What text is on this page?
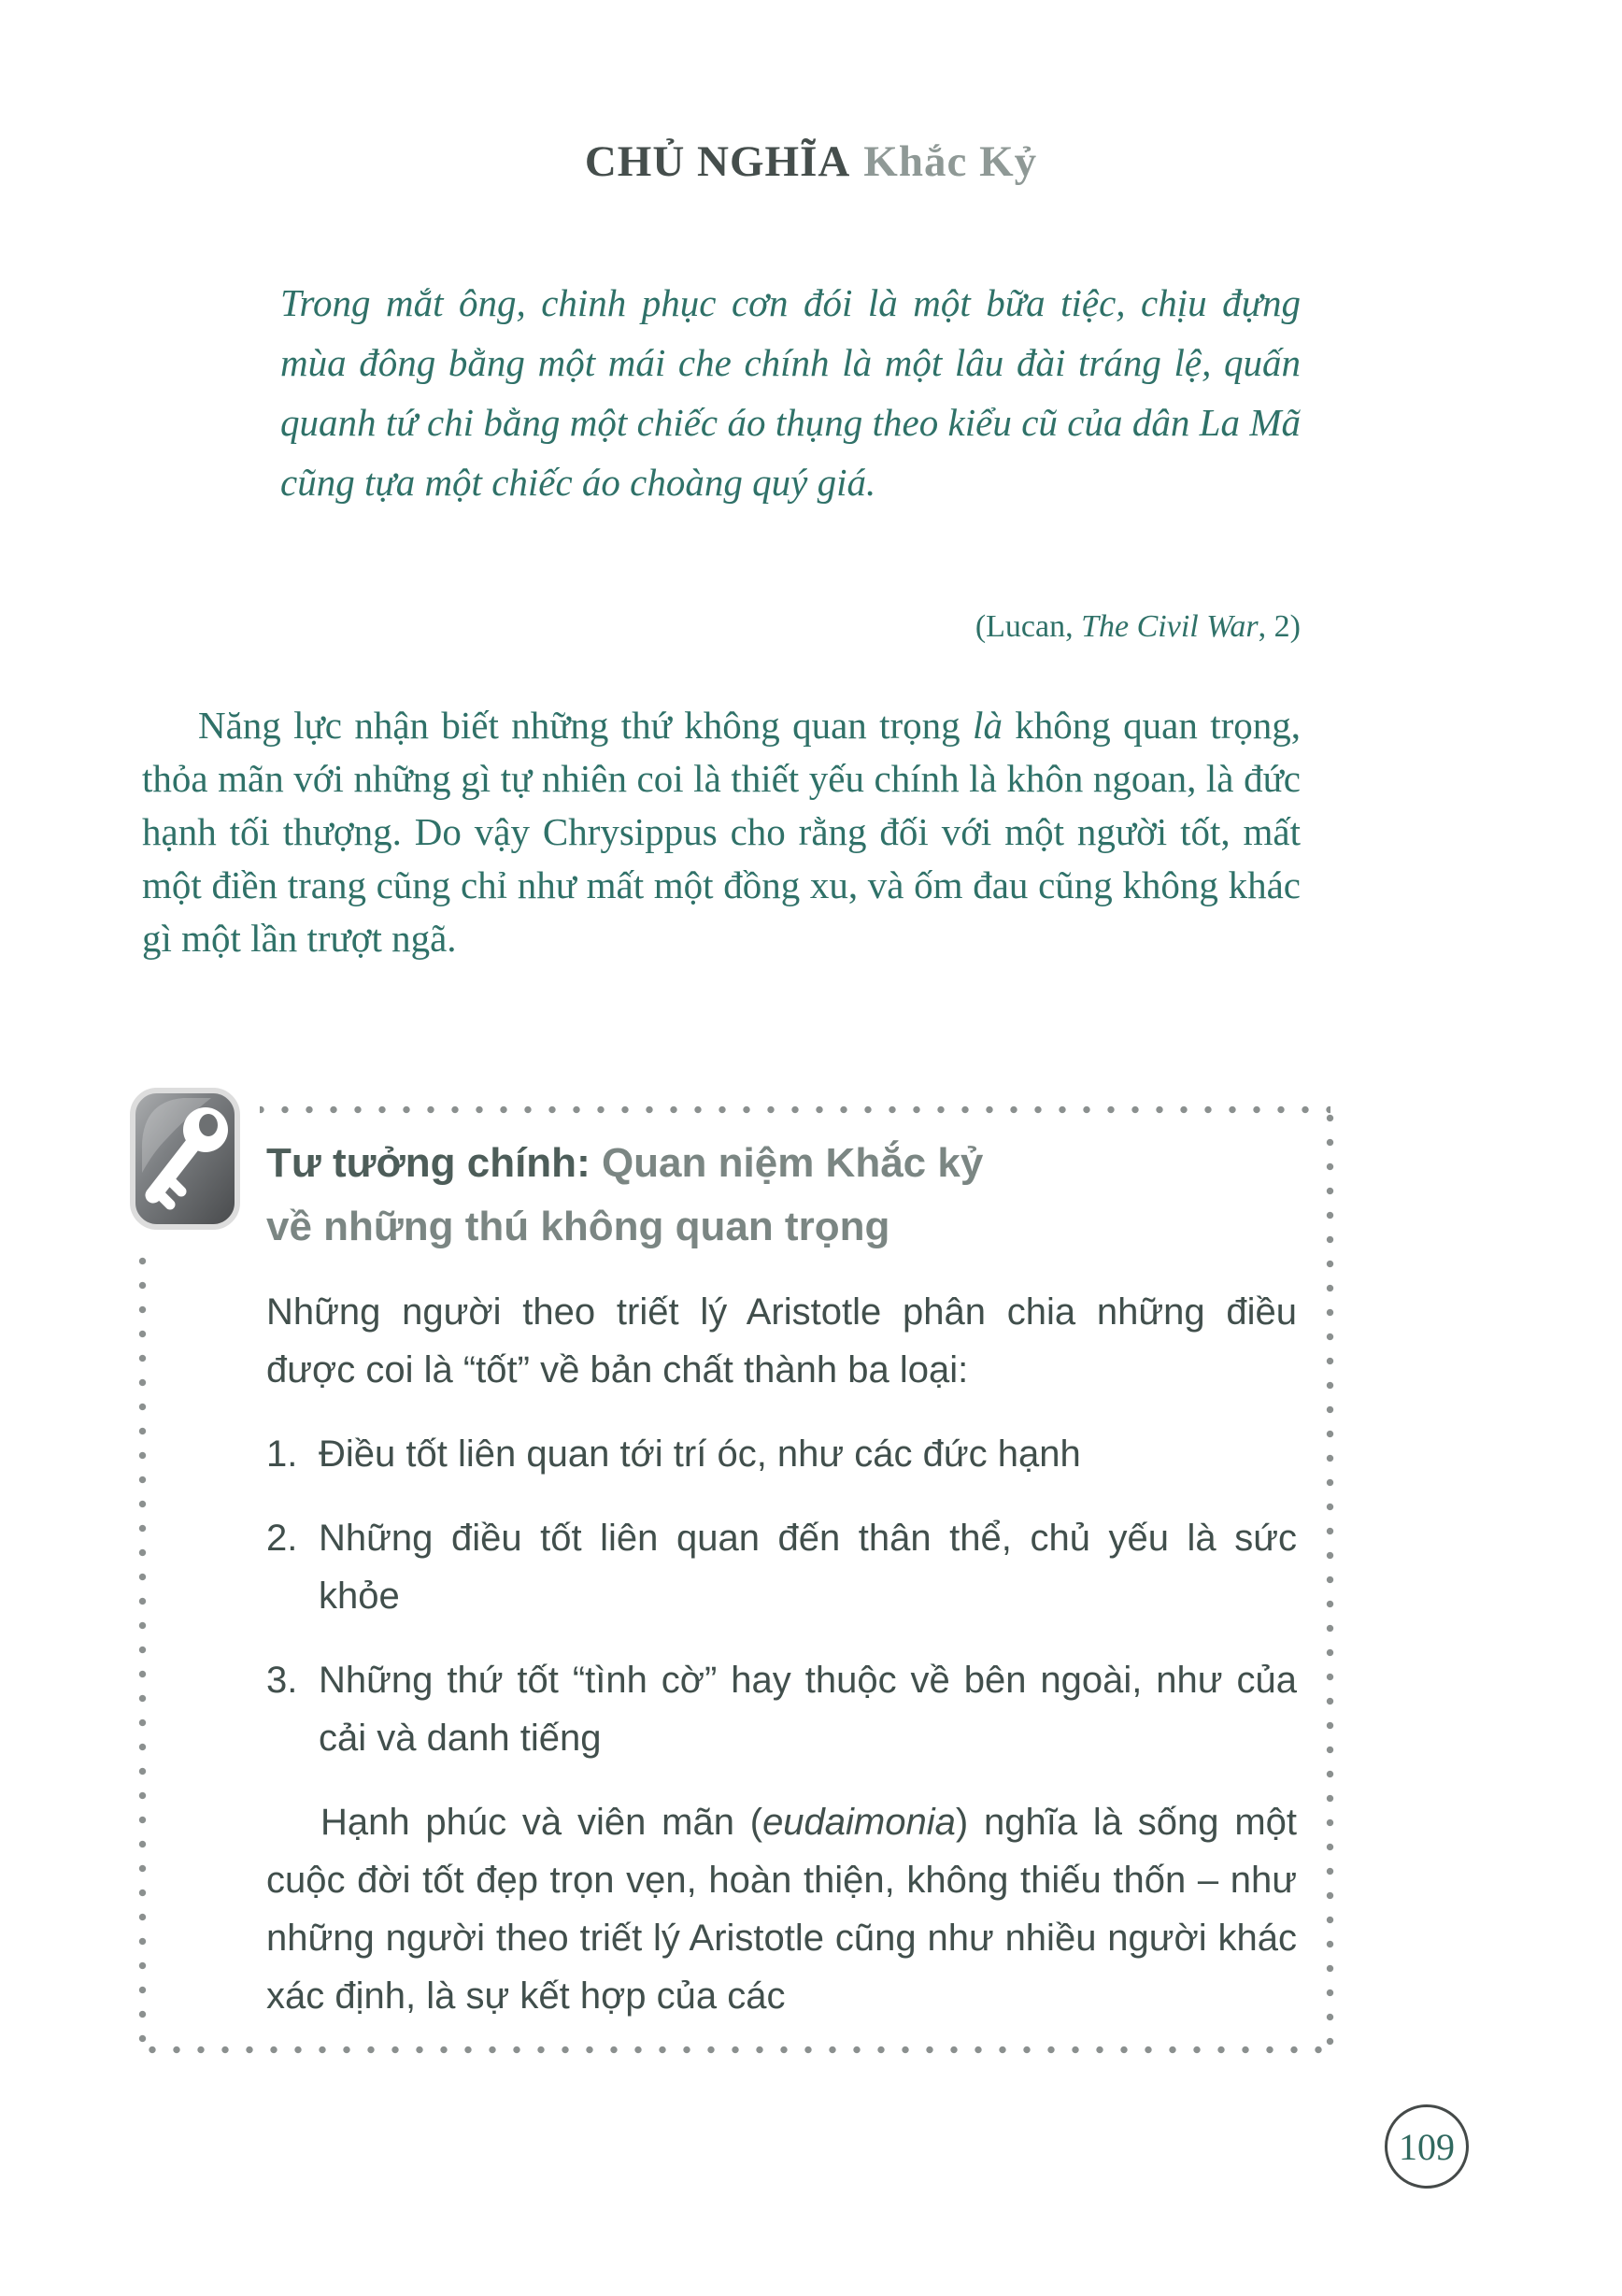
CHỦ NGHĨA Khắc Kỷ
Trong mắt ông, chinh phục cơn đói là một bữa tiệc, chịu đựng mùa đông bằng một mái che chính là một lâu đài tráng lệ, quấn quanh tứ chi bằng một chiếc áo thụng theo kiểu cũ của dân La Mã cũng tựa một chiếc áo choàng quý giá.
(Lucan, The Civil War, 2)
Năng lực nhận biết những thứ không quan trọng là không quan trọng, thỏa mãn với những gì tự nhiên coi là thiết yếu chính là khôn ngoan, là đức hạnh tối thượng. Do vậy Chrysippus cho rằng đối với một người tốt, mất một điền trang cũng chỉ như mất một đồng xu, và ốm đau cũng không khác gì một lần trượt ngã.
Tư tưởng chính: Quan niệm Khắc kỷ
về những thú không quan trọng
Những người theo triết lý Aristotle phân chia những điều được coi là “tốt” về bản chất thành ba loại:
1. Điều tốt liên quan tới trí óc, như các đức hạnh
2. Những điều tốt liên quan đến thân thể, chủ yếu là sức khỏe
3. Những thứ tốt “tình cờ” hay thuộc về bên ngoài, như của cải và danh tiếng
Hạnh phúc và viên mãn (eudaimonia) nghĩa là sống một cuộc đời tốt đẹp trọn vẹn, hoàn thiện, không thiếu thốn – như những người theo triết lý Aristotle cũng như nhiều người khác xác định, là sự kết hợp của các
109
